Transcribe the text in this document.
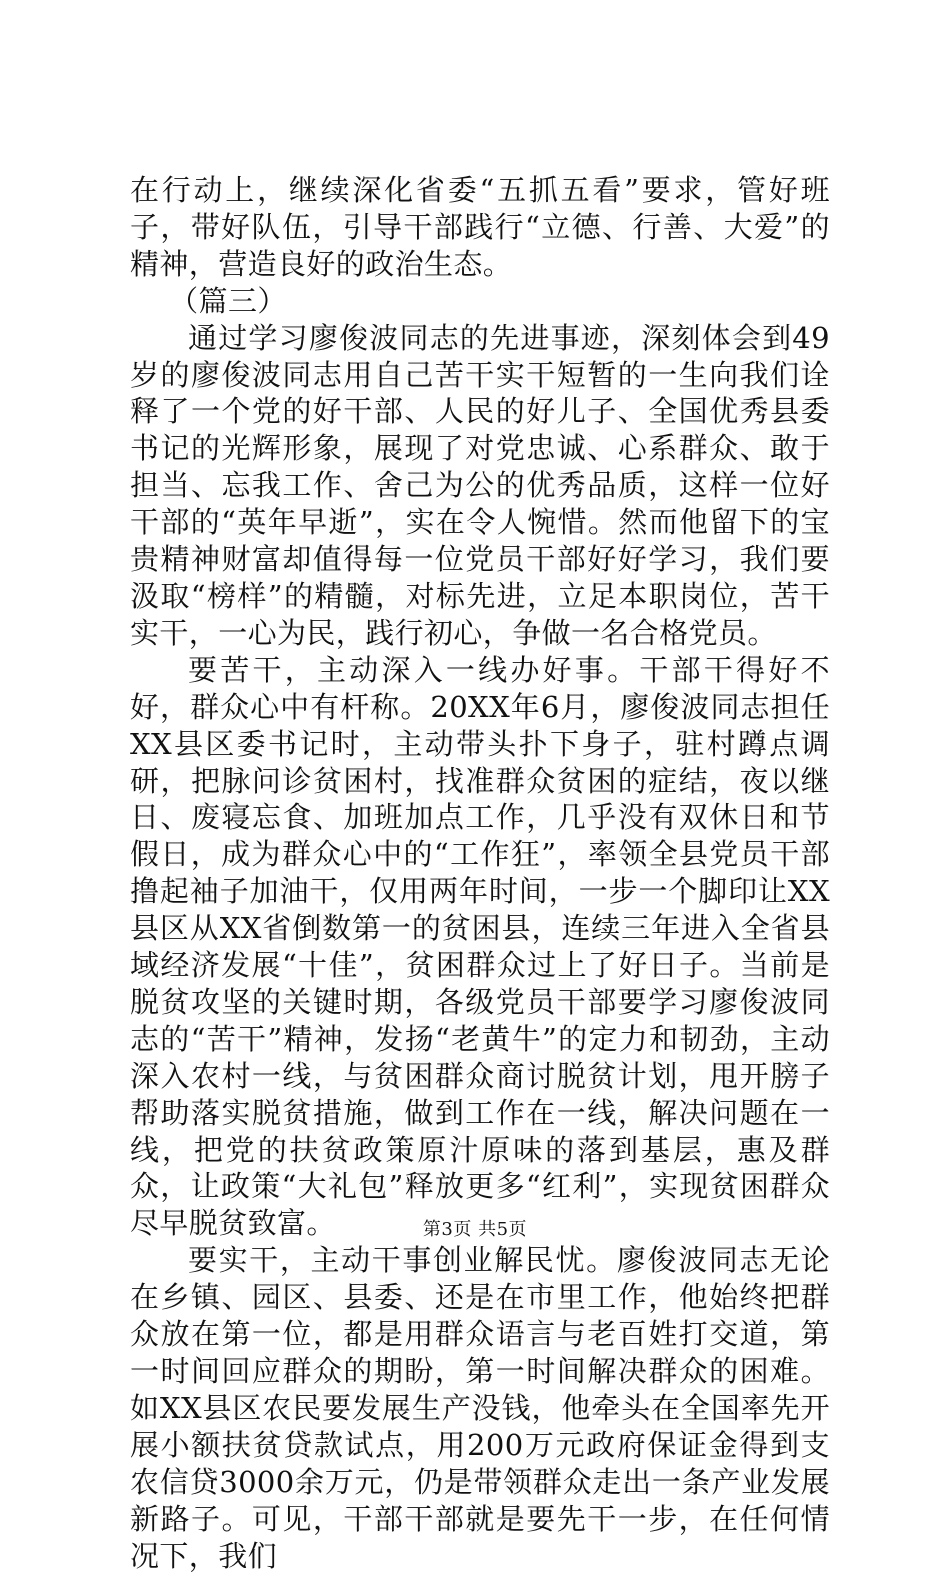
在行动上，继续深化省委“五抓五看”要求，管好班子，带好队伍，引导干部践行“立德、行善、大爱”的精神，营造良好的政治生态。

（篇三）

通过学习廖俊波同志的先进事迹，深刻体会到49岁的廖俊波同志用自己苦干实干短暂的一生向我们诠释了一个党的好干部、人民的好儿子、全国优秀县委书记的光辉形象，展现了对党忠诚、心系群众、敢于担当、忘我工作、舍己为公的优秀品质，这样一位好干部的“英年早逝”，实在令人惋惜。然而他留下的宝贵精神财富却值得每一位党员干部好好学习，我们要汲取“榜样”的精髓，对标先进，立足本职岗位，苦干实干，一心为民，践行初心，争做一名合格党员。

要苦干，主动深入一线办好事。干部干得好不好，群众心中有杆称。20XX年6月，廖俊波同志担任XX县区委书记时，主动带头扑下身子，驻村蹲点调研，把脉问诊贫困村，找准群众贫困的症结，夜以继日、废寝忘食、加班加点工作，几乎没有双休日和节假日，成为群众心中的“工作狂”，率领全县党员干部撸起袖子加油干，仅用两年时间，一步一个脚印让XX县区从XX省倒数第一的贫困县，连续三年进入全省县域经济发展“十佳”，贫困群众过上了好日子。当前是脱贫攻坚的关键时期，各级党员干部要学习廖俊波同志的“苦干”精神，发扬“老黄牛”的定力和韧劲，主动深入农村一线，与贫困群众商讨脱贫计划，甩开膀子帮助落实脱贫措施，做到工作在一线，解决问题在一线，把党的扶贫政策原汁原味的落到基层，惠及群众，让政策“大礼包”释放更多“红利”，实现贫困群众尽早脱贫致富。

要实干，主动干事创业解民忧。廖俊波同志无论在乡镇、园区、县委、还是在市里工作，他始终把群众放在第一位，都是用群众语言与老百姓打交道，第一时间回应群众的期盼，第一时间解决群众的困难。如XX县区农民要发展生产没钱，他牵头在全国率先开展小额扶贫贷款试点，用200万元政府保证金得到支农信贷3000余万元，仍是带领群众走出一条产业发展新路子。可见，干部干部就是要先干一步，在任何情况下，我们

第3页 共5页
